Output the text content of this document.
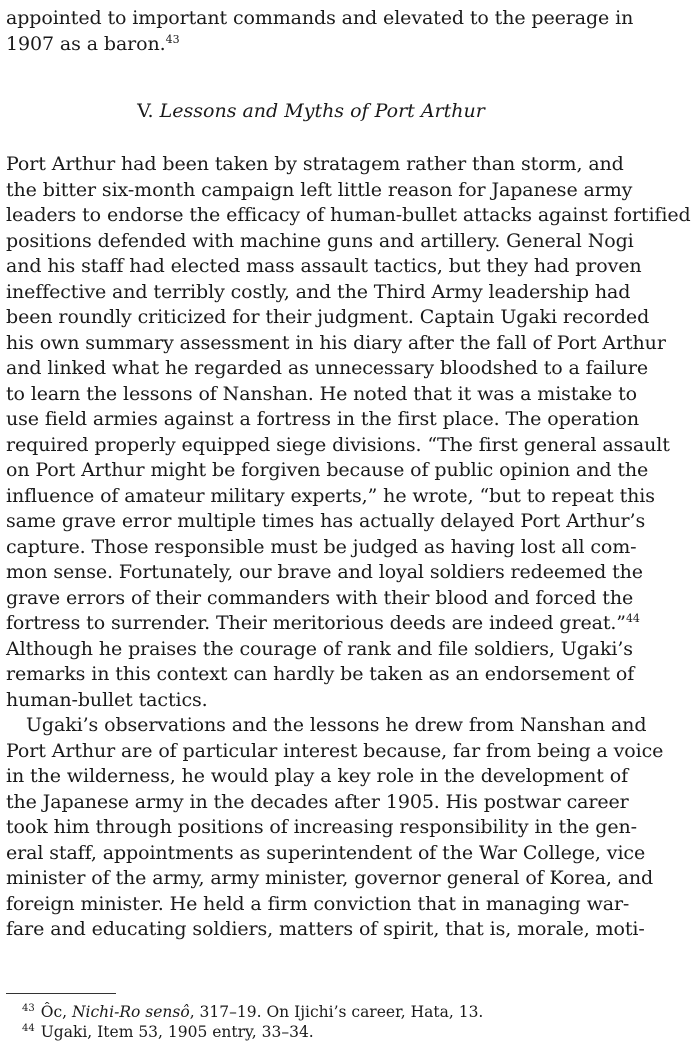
appointed to important commands and elevated to the peerage in
1907 as a baron.$^{43}$
V. Lessons and Myths of Port Arthur
Port Arthur had been taken by stratagem rather than storm, and
the bitter six-month campaign left little reason for Japanese army
leaders to endorse the efficacy of human-bullet attacks against fortified
positions defended with machine guns and artillery. General Nogi
and his staff had elected mass assault tactics, but they had proven
ineffective and terribly costly, and the Third Army leadership had
been roundly criticized for their judgment. Captain Ugaki recorded
his own summary assessment in his diary after the fall of Port Arthur
and linked what he regarded as unnecessary bloodshed to a failure
to learn the lessons of Nanshan. He noted that it was a mistake to
use field armies against a fortress in the first place. The operation
required properly equipped siege divisions. “The first general assault
on Port Arthur might be forgiven because of public opinion and the
influence of amateur military experts,” he wrote, “but to repeat this
same grave error multiple times has actually delayed Port Arthur’s
capture. Those responsible must be judged as having lost all com-
mon sense. Fortunately, our brave and loyal soldiers redeemed the
grave errors of their commanders with their blood and forced the
fortress to surrender. Their meritorious deeds are indeed great.”$^{44}$
Although he praises the courage of rank and file soldiers, Ugaki’s
remarks in this context can hardly be taken as an endorsement of
human-bullet tactics.
Ugaki’s observations and the lessons he drew from Nanshan and
Port Arthur are of particular interest because, far from being a voice
in the wilderness, he would play a key role in the development of
the Japanese army in the decades after 1905. His postwar career
took him through positions of increasing responsibility in the gen-
eral staff, appointments as superintendent of the War College, vice
minister of the army, army minister, governor general of Korea, and
foreign minister. He held a firm conviction that in managing war-
fare and educating soldiers, matters of spirit, that is, morale, moti-
$^{43}$ Ôc, Nichi-Ro sensô, 317–19. On Ijichi’s career, Hata, 13.
$^{44}$ Ugaki, Item 53, 1905 entry, 33–34.
